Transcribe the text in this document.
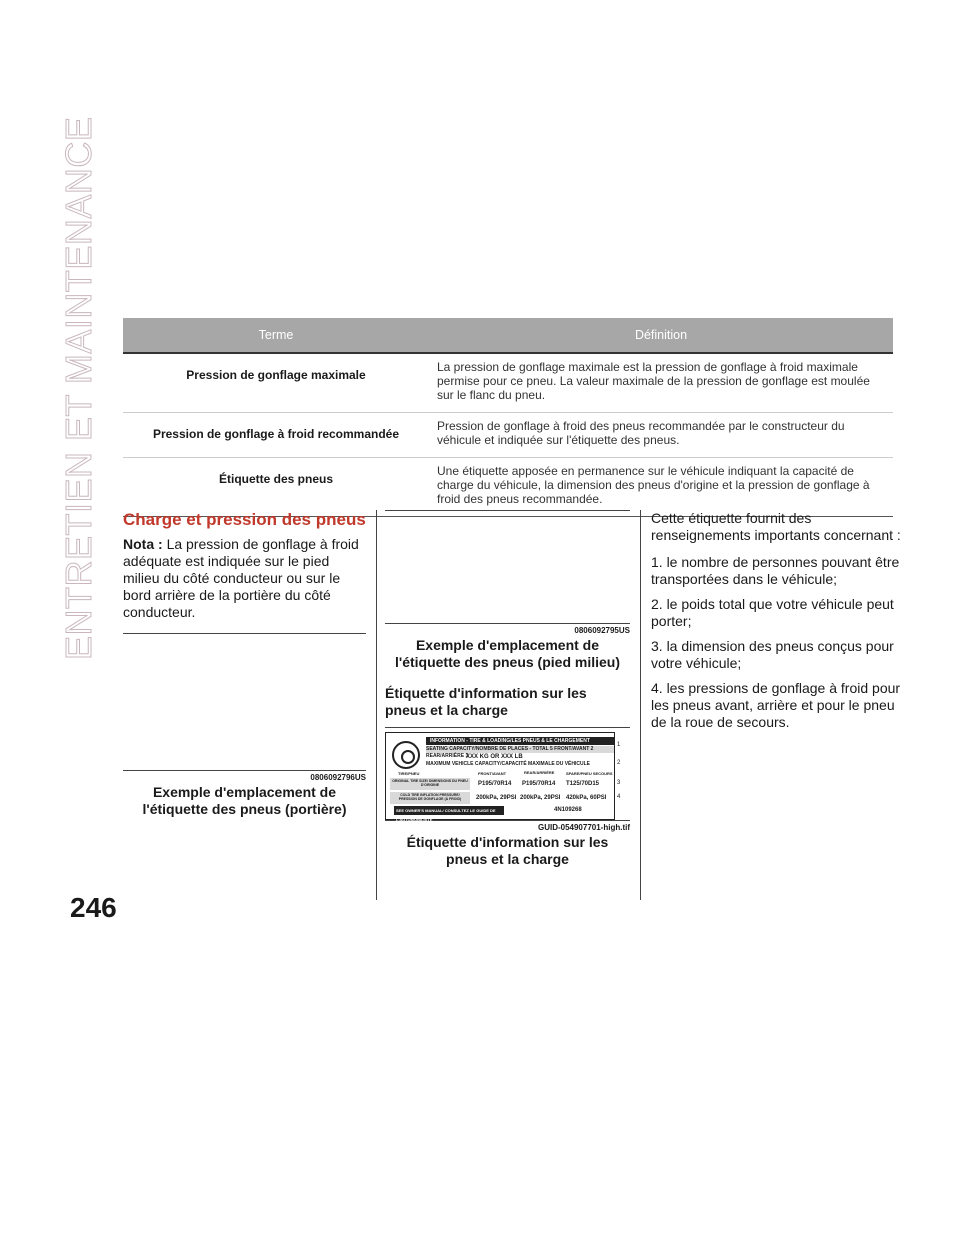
ENTRETIEN ET MAINTENANCE
246
Terme	Définition
Pression de gonflage maximale	La pression de gonflage maximale est la pression de gonflage à froid maximale permise pour ce pneu. La valeur maximale de la pression de gonflage est moulée sur le flanc du pneu.
Pression de gonflage à froid recommandée	Pression de gonflage à froid des pneus recommandée par le constructeur du véhicule et indiquée sur l'étiquette des pneus.
Étiquette des pneus	Une étiquette apposée en permanence sur le véhicule indiquant la capacité de charge du véhicule, la dimension des pneus d'origine et la pression de gonflage à froid des pneus recommandée.
Charge et pression des pneus

Nota : La pression de gonflage à froid adéquate est indiquée sur le pied milieu du côté conducteur ou sur le bord arrière de la portière du côté conducteur.

0806092796US
Exemple d'emplacement de l'étiquette des pneus (portière)
0806092795US
Exemple d'emplacement de l'étiquette des pneus (pied milieu)
Étiquette d'information sur les pneus et la charge
INFORMATION - TIRE & LOADING/LES PNEUS & LE CHARGEMENT
SEATING CAPACITY/NOMBRE DE PLACES - TOTAL 5 FRONT/AVANT 2 REAR/ARRIÈRE 3
XXX KG OR XXX LB
MAXIMUM VEHICLE CAPACITY/CAPACITÉ MAXIMALE DU VÉHICULE
TIRE/PNEU	FRONT/AVANT	REAR/ARRIÈRE	SPARE/PNEU SECOURS
ORIGINAL TIRE SIZE/ DIMENSIONS DU PNEU D'ORIGINE	P195/70R14 P195/70R14 T125/70D15
COLD TIRE INFLATION PRESSURE/ PRESSION DE GONFLAGE (À FROID)	200kPa, 29PSI 200kPa, 29PSI 420kPa, 60PSI
SEE OWNER'S MANUAL/ CONSULTEZ LE GUIDE DE L'AUTOMOBILISTE
4N109268
1
2
3
4
GUID-054907701-high.tif
Étiquette d'information sur les pneus et la charge

Cette étiquette fournit des renseignements importants concernant :

1. le nombre de personnes pouvant être transportées dans le véhicule;

2. le poids total que votre véhicule peut porter;

3. la dimension des pneus conçus pour votre véhicule;

4. les pressions de gonflage à froid pour les pneus avant, arrière et pour le pneu de la roue de secours.
